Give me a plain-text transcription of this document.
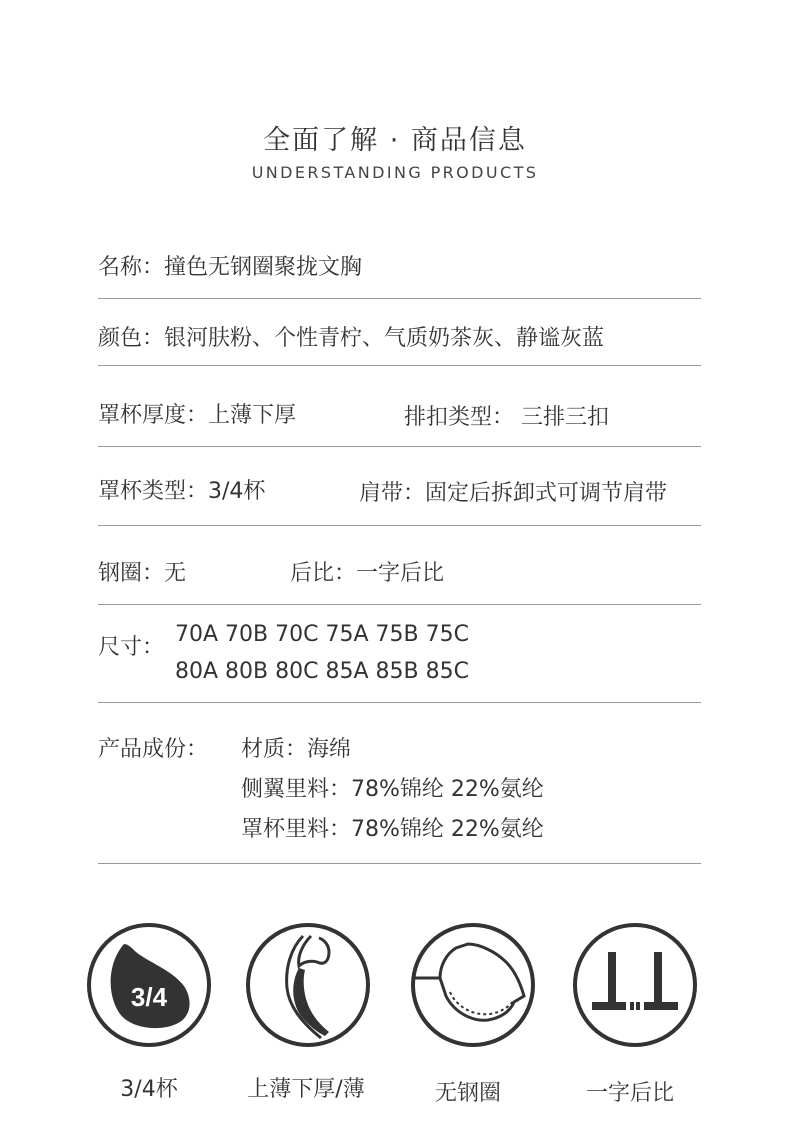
全面了解 · 商品信息
UNDERSTANDING PRODUCTS
名称：撞色无钢圈聚拢文胸
颜色：银河肤粉、个性青柠、气质奶茶灰、静谧灰蓝
罩杯厚度：上薄下厚	排扣类型： 三排三扣
罩杯类型：3/4杯	肩带：固定后拆卸式可调节肩带
钢圈：无	后比：一字后比
尺寸：
70A 70B 70C 75A 75B 75C
80A 80B 80C 85A 85B 85C
产品成份： 材质：海绵
侧翼里料：78%锦纶 22%氨纶
罩杯里料：78%锦纶 22%氨纶
3/4
3/4杯	上薄下厚/薄	无钢圈	一字后比
